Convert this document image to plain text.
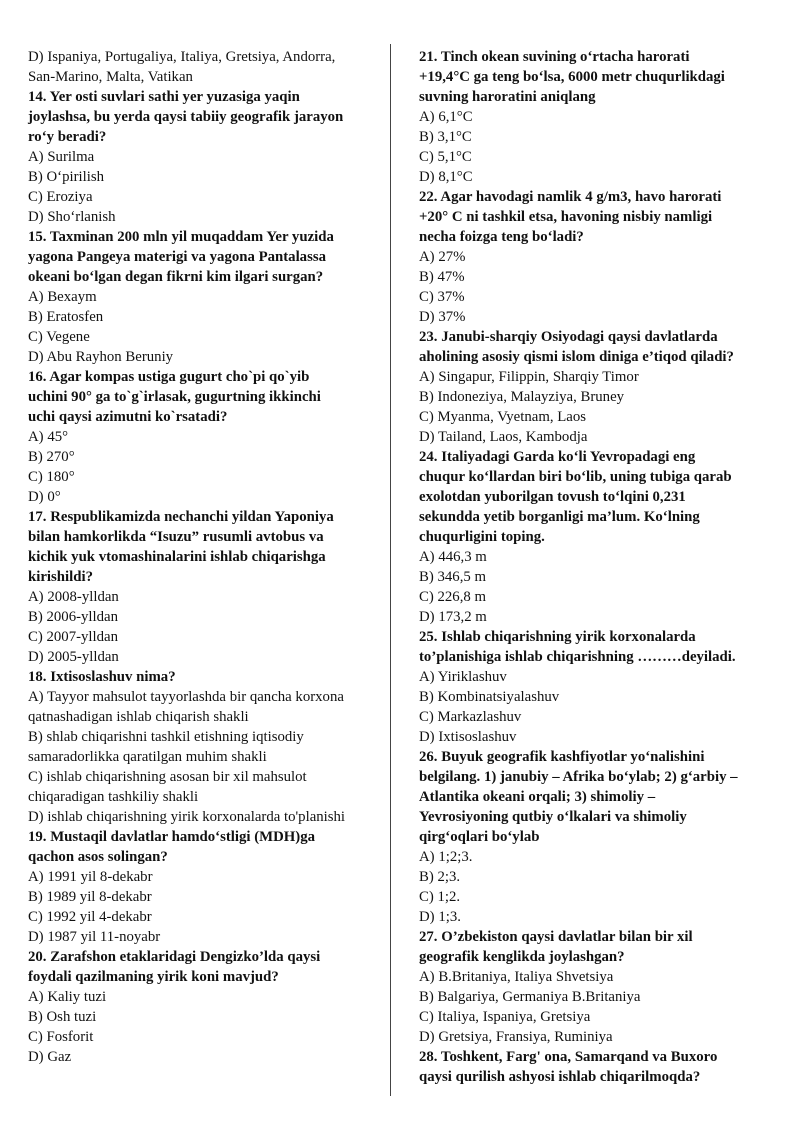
D) Ispaniya, Portugaliya, Italiya, Gretsiya, Andorra,
San-Marino, Malta, Vatikan
14. Yer osti suvlari sathi yer yuzasiga yaqin
joylashsa, bu yerda qaysi tabiiy geografik jarayon
ro‘y beradi?
A) Surilma
B) O‘pirilish
C) Eroziya
D) Sho‘rlanish
15. Taxminan 200 mln yil muqaddam Yer yuzida
yagona Pangeya materigi va yagona Pantalassa
okeani bo‘lgan degan fikrni kim ilgari surgan?
A) Bexaym
B) Eratosfen
C) Vegene
D) Abu Rayhon Beruniy
16. Agar kompas ustiga gugurt cho`pi qo`yib
uchini 90° ga to`g`irlasak, gugurtning ikkinchi
uchi qaysi azimutni ko`rsatadi?
A) 45°
B) 270°
C) 180°
D) 0°
17. Respublikamizda nechanchi yildan Yaponiya
bilan hamkorlikda “Isuzu” rusumli avtobus va
kichik yuk vtomashinalarini ishlab chiqarishga
kirishildi?
A) 2008-ylldan
B) 2006-ylldan
C) 2007-ylldan
D) 2005-ylldan
18. Ixtisoslashuv nima?
A) Tayyor mahsulot tayyorlashda bir qancha korxona
qatnashadigan ishlab chiqarish shakli
B) shlab chiqarishni tashkil etishning iqtisodiy
samaradorlikka qaratilgan muhim shakli
C) ishlab chiqarishning asosan bir xil mahsulot
chiqaradigan tashkiliy shakli
D) ishlab chiqarishning yirik korxonalarda to'planishi
19. Mustaqil davlatlar hamdo‘stligi (MDH)ga
qachon asos solingan?
A) 1991 yil 8-dekabr
B) 1989 yil 8-dekabr
C) 1992 yil 4-dekabr
D) 1987 yil 11-noyabr
20. Zarafshon etaklaridagi Dengizko’lda qaysi
foydali qazilmaning yirik koni mavjud?
A) Kaliy tuzi
B) Osh tuzi
C) Fosforit
D) Gaz
21. Tinch okean suvining o‘rtacha harorati
+19,4°C ga teng bo‘lsa, 6000 metr chuqurlikdagi
suvning haroratini aniqlang
A) 6,1°C
B) 3,1°C
C) 5,1°C
D) 8,1°C
22. Agar havodagi namlik 4 g/m3, havo harorati
+20° C ni tashkil etsa, havoning nisbiy namligi
necha foizga teng bo‘ladi?
A) 27%
B) 47%
C) 37%
D) 37%
23. Janubi-sharqiy Osiyodagi qaysi davlatlarda
aholining asosiy qismi islom diniga e’tiqod qiladi?
A) Singapur, Filippin, Sharqiy Timor
B) Indoneziya, Malayziya, Bruney
C) Myanma, Vyetnam, Laos
D) Tailand, Laos, Kambodja
24. Italiyadagi Garda ko‘li Yevropadagi eng
chuqur ko‘llardan biri bo‘lib, uning tubiga qarab
exolotdan yuborilgan tovush to‘lqini 0,231
sekundda yetib borganligi ma’lum. Ko‘lning
chuqurligini toping.
A) 446,3 m
B) 346,5 m
C) 226,8 m
D) 173,2 m
25. Ishlab chiqarishning yirik korxonalarda
to’planishiga ishlab chiqarishning ………deyiladi.
A) Yiriklashuv
B) Kombinatsiyalashuv
C) Markazlashuv
D) Ixtisoslashuv
26. Buyuk geografik kashfiyotlar yo‘nalishini
belgilang. 1) janubiy – Afrika bo‘ylab; 2) g‘arbiy –
Atlantika okeani orqali; 3) shimoliy –
Yevrosiyoning qutbiy o‘lkalari va shimoliy
qirg‘oqlari bo‘ylab
A) 1;2;3.
B) 2;3.
C) 1;2.
D) 1;3.
27. O’zbekiston qaysi davlatlar bilan bir xil
geografik kenglikda joylashgan?
A) B.Britaniya, Italiya Shvetsiya
B) Balgariya, Germaniya B.Britaniya
C) Italiya, Ispaniya, Gretsiya
D) Gretsiya, Fransiya, Ruminiya
28. Toshkent, Farg' ona, Samarqand va Buxoro
qaysi qurilish ashyosi ishlab chiqarilmoqda?
